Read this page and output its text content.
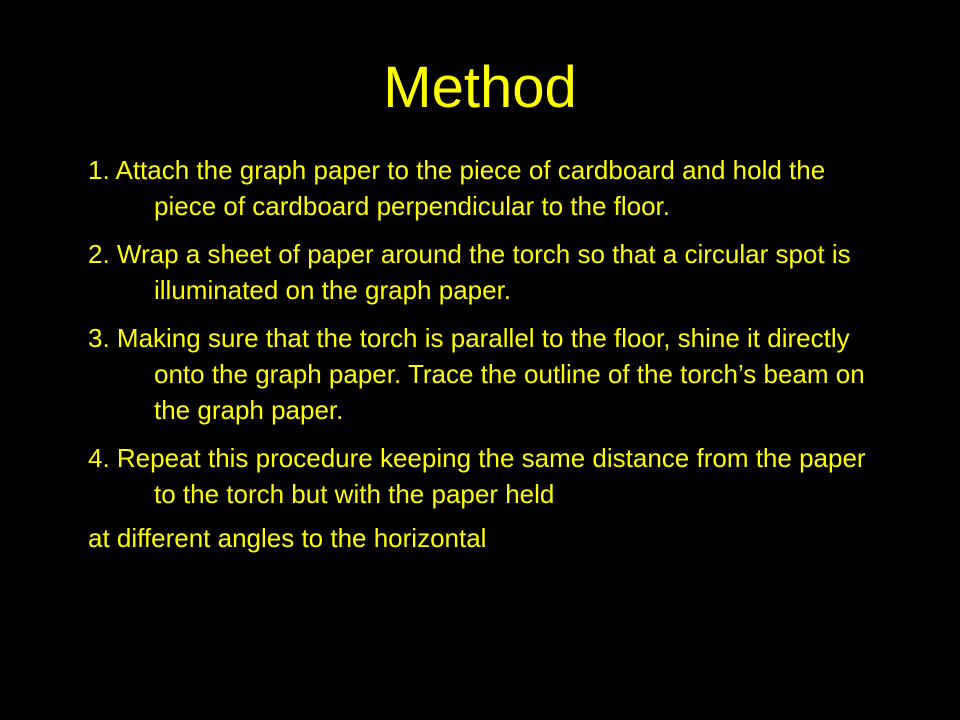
Method
1. Attach the graph paper to the piece of cardboard and hold the piece of cardboard perpendicular to the floor.
2. Wrap a sheet of paper around the torch so that a circular spot is illuminated on the graph paper.
3. Making sure that the torch is parallel to the floor, shine it directly onto the graph paper. Trace the outline of the torch’s beam on the graph paper.
4. Repeat this procedure keeping the same distance from the paper to the torch but with the paper held
at different angles to the horizontal
